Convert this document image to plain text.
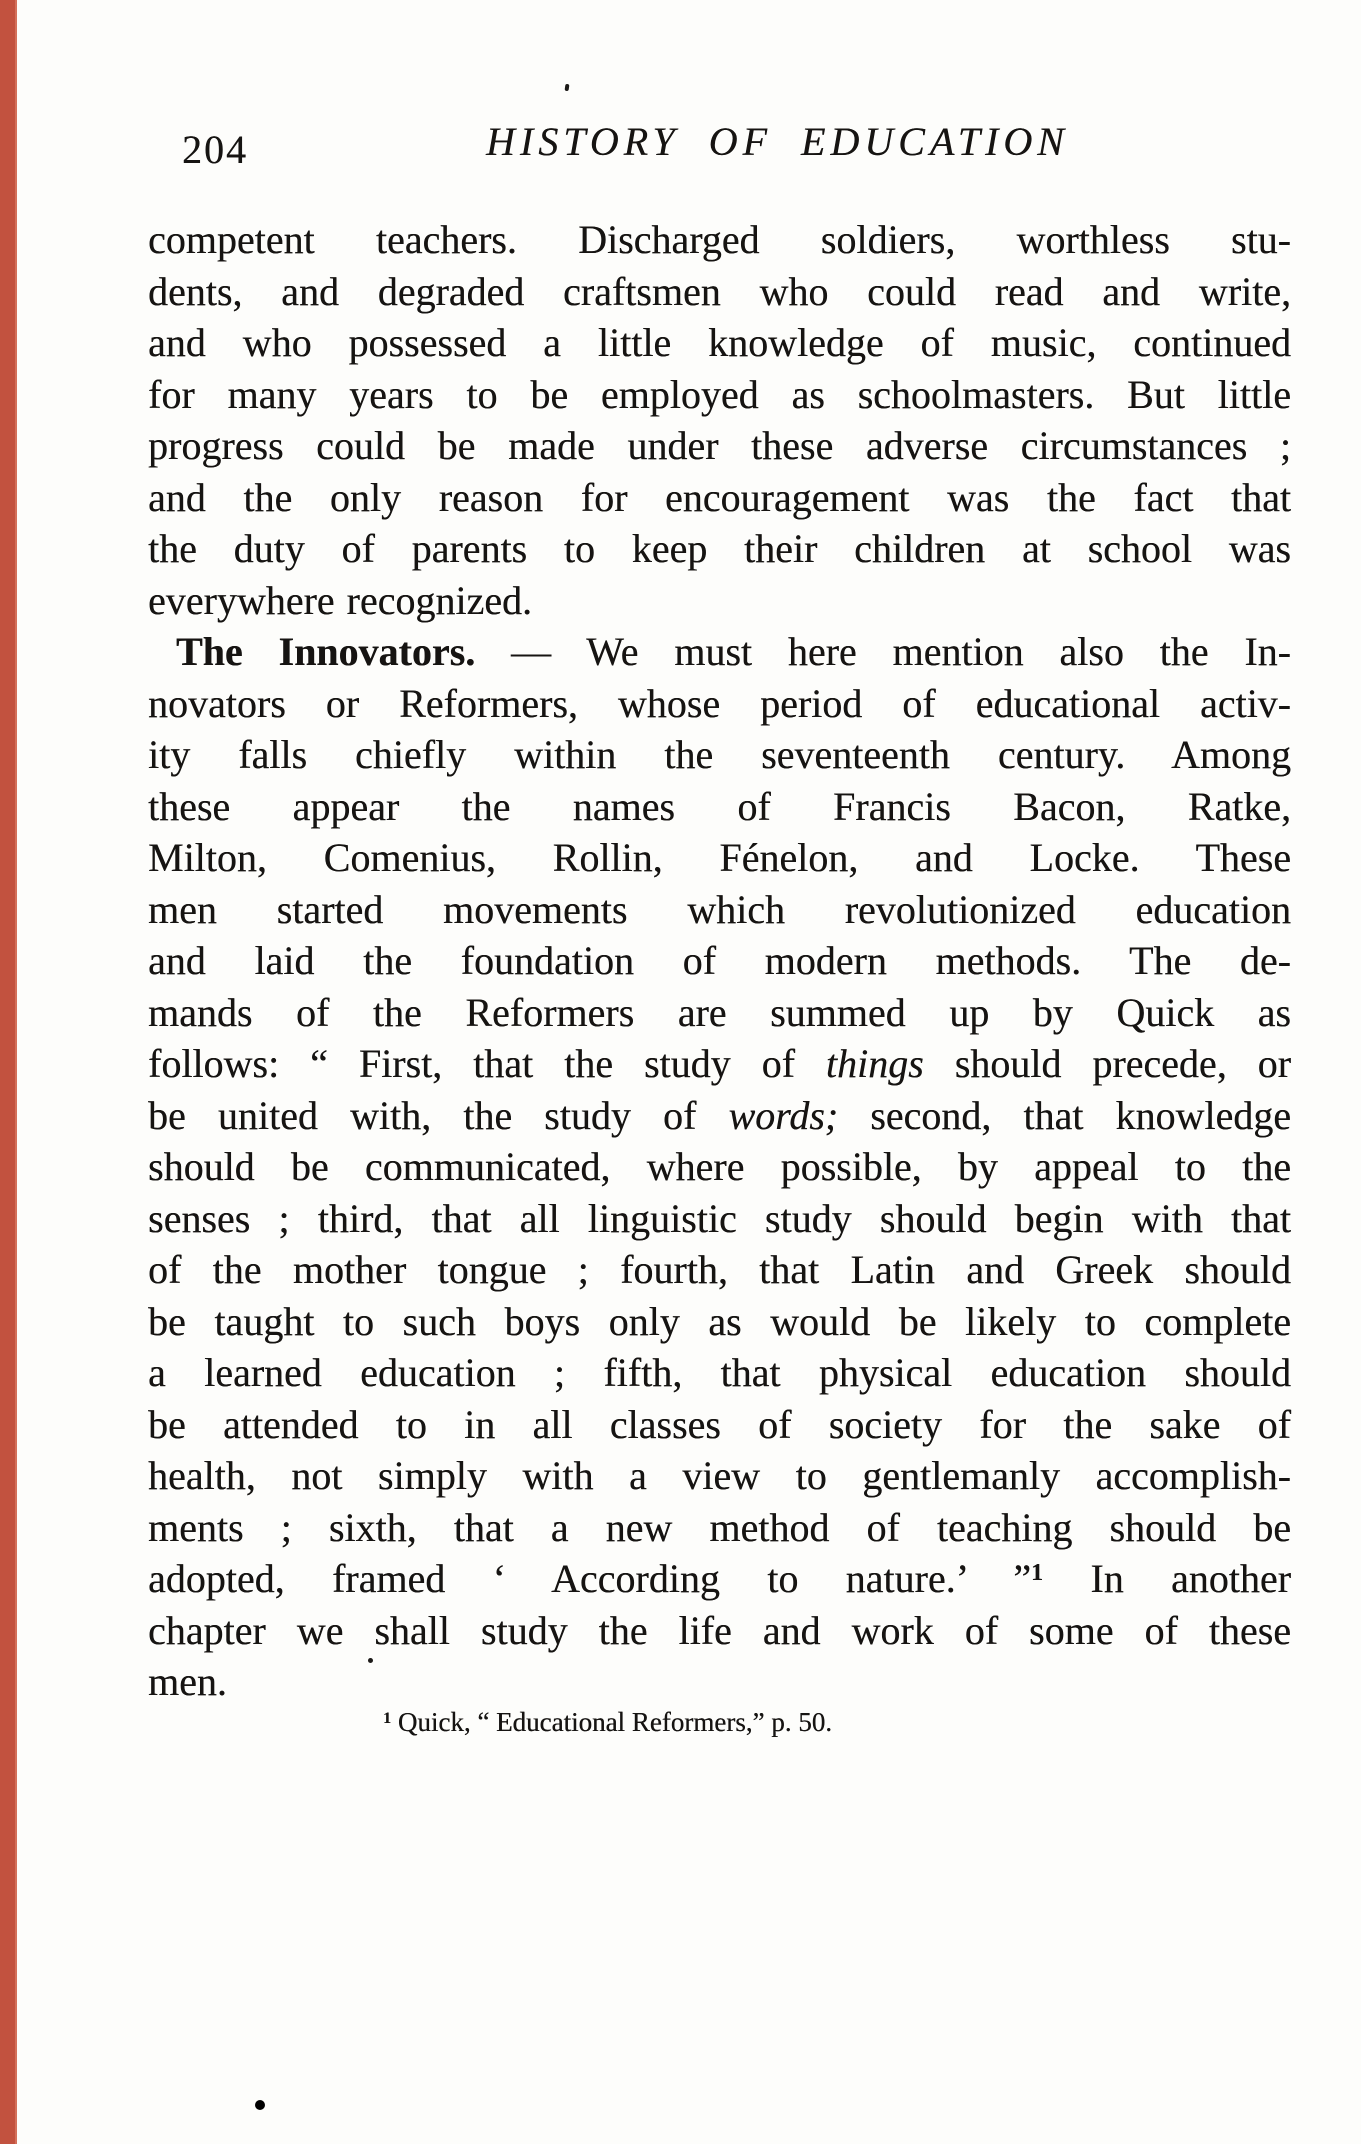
204	HISTORY OF EDUCATION
competent teachers. Discharged soldiers, worthless stu-
dents, and degraded craftsmen who could read and write,
and who possessed a little knowledge of music, continued
for many years to be employed as schoolmasters. But little
progress could be made under these adverse circumstances ;
and the only reason for encouragement was the fact that
the duty of parents to keep their children at school was
everywhere recognized.
The Innovators. — We must here mention also the In-
novators or Reformers, whose period of educational activ-
ity falls chiefly within the seventeenth century. Among
these appear the names of Francis Bacon, Ratke,
Milton, Comenius, Rollin, Fénelon, and Locke. These
men started movements which revolutionized education
and laid the foundation of modern methods. The de-
mands of the Reformers are summed up by Quick as
follows: “ First, that the study of things should precede, or
be united with, the study of words; second, that knowledge
should be communicated, where possible, by appeal to the
senses ; third, that all linguistic study should begin with that
of the mother tongue ; fourth, that Latin and Greek should
be taught to such boys only as would be likely to complete
a learned education ; fifth, that physical education should
be attended to in all classes of society for the sake of
health, not simply with a view to gentlemanly accomplish-
ments ; sixth, that a new method of teaching should be
adopted, framed ‘ According to nature.’ ”$^1$ In another
chapter we shall study the life and work of some of these
men.
$^1$ Quick, “ Educational Reformers,” p. 50.
